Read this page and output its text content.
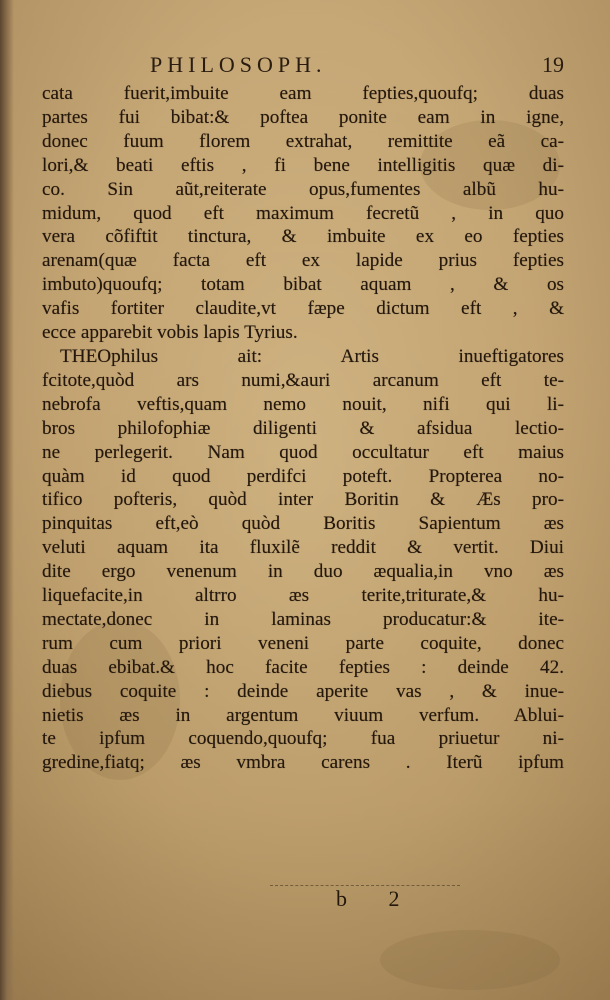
PHILOSOPH.	19
cata fuerit,imbuite eam fepties,quoufq; duas
partes fui bibat:& poftea ponite eam in igne,
donec fuum florem extrahat, remittite eã ca-
lori,& beati eftis , fi bene intelligitis quæ di-
co. Sin aũt,reiterate opus,fumentes albũ hu-
midum, quod eft maximum fecretũ , in quo
vera cõfiftit tinctura, & imbuite ex eo fepties
arenam(quæ facta eft ex lapide prius fepties
imbuto)quoufq; totam bibat aquam , & os
vafis fortiter claudite,vt fæpe dictum eft , &
ecce apparebit vobis lapis Tyrius.
THEOphilus ait: Artis inueftigatores
fcitote,quòd ars numi,&auri arcanum eft te-
nebrofa veftis,quam nemo nouit, nifi qui li-
bros philofophiæ diligenti & afsidua lectio-
ne perlegerit. Nam quod occultatur eft maius
quàm id quod perdifci poteft. Propterea no-
tifico pofteris, quòd inter Boritin & Æs pro-
pinquitas eft,eò quòd Boritis Sapientum æs
veluti aquam ita fluxilẽ reddit & vertit. Diui
dite ergo venenum in duo æqualia,in vno æs
liquefacite,in altrro æs terite,triturate,& hu-
mectate,donec in laminas producatur:& ite-
rum cum priori veneni parte coquite, donec
duas ebibat.& hoc facite fepties : deinde 42.
diebus coquite : deinde aperite vas , & inue-
nietis æs in argentum viuum verfum. Ablui-
te ipfum coquendo,quoufq; fua priuetur ni-
gredine,fiatq; æs vmbra carens . Iterũ ipfum
b 2
